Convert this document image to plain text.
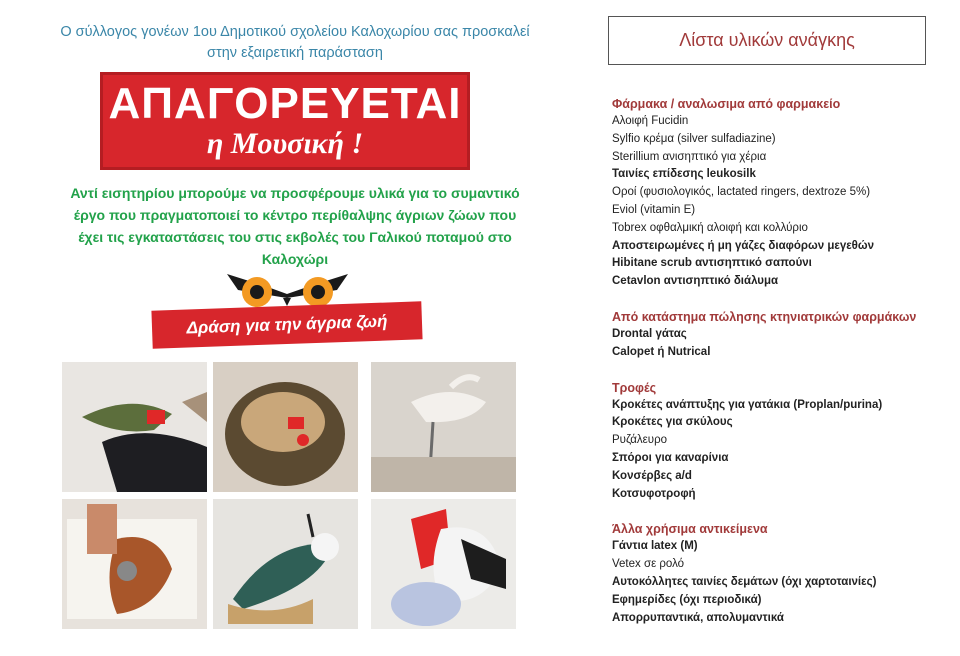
Ο σύλλογος γονέων 1ου Δημοτικού σχολείου Καλοχωρίου σας προσκαλεί στην εξαιρετική παράσταση
ΑΠΑΓΟΡΕΥΕΤΑΙ
η Μουσική !
Αντί εισητηρίου μπορούμε να προσφέρουμε υλικά για το συμαντικό έργο που πραγματοποιεί το κέντρο περίθαλψης άγριων ζώων που έχει τις εγκαταστάσεις του στις εκβολές του Γαλικού ποταμού στο Καλοχώρι
Δράση για την άγρια ζωή
Λίστα υλικών ανάγκης
Φάρμακα / αναλωσιμα από φαρμακείο
Αλοιφή Fucidin
Sylfio κρέμα (silver sulfadiazine)
Sterillium ανισηπτικό για χέρια
Ταινίες επίδεσης leukosilk
Οροί (φυσιολογικός, lactated ringers, dextroze 5%)
Eviol (vitamin E)
Tobrex οφθαλμική αλοιφή και κολλύριο
Αποστειρωμένες ή μη γάζες διαφόρων μεγεθών
Hibitane scrub αντισηπτικό σαπούνι
Cetavlon αντισηπτικό διάλυμα
Από κατάστημα πώλησης κτηνιατρικών φαρμάκων
Drontal γάτας
Calopet ή Nutrical
Τροφές
Κροκέτες ανάπτυξης για γατάκια (Proplan/purina)
Κροκέτες για σκύλους
Ρυζάλευρο
Σπόροι για καναρίνια
Κονσέρβες a/d
Κοτσυφοτροφή
Άλλα χρήσιμα αντικείμενα
Γάντια latex (M)
Vetex σε ρολό
Αυτοκόλλητες ταινίες δεμάτων (όχι χαρτοταινίες)
Εφημερίδες (όχι περιοδικά)
Απορρυπαντικά, απολυμαντικά
